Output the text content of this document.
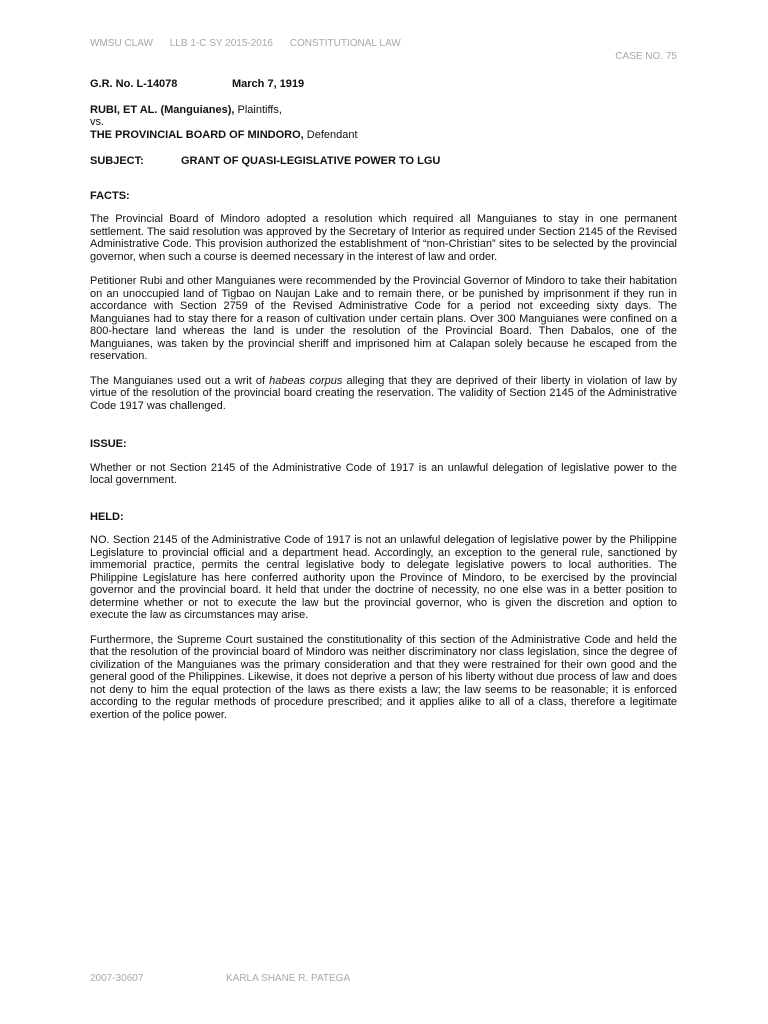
WMSU CLAW LLB 1-C SY 2015-2016 CONSTITUTIONAL LAW
CASE NO. 75
G.R. No. L-14078	March 7, 1919
RUBI, ET AL. (Manguianes), Plaintiffs,
vs.
THE PROVINCIAL BOARD OF MINDORO, Defendant
SUBJECT:	GRANT OF QUASI-LEGISLATIVE POWER TO LGU
FACTS:

The Provincial Board of Mindoro adopted a resolution which required all Manguianes to stay in one permanent settlement. The said resolution was approved by the Secretary of Interior as required under Section 2145 of the Revised Administrative Code. This provision authorized the establishment of “non-Christian” sites to be selected by the provincial governor, when such a course is deemed necessary in the interest of law and order.

Petitioner Rubi and other Manguianes were recommended by the Provincial Governor of Mindoro to take their habitation on an unoccupied land of Tigbao on Naujan Lake and to remain there, or be punished by imprisonment if they run in accordance with Section 2759 of the Revised Administrative Code for a period not exceeding sixty days. The Manguianes had to stay there for a reason of cultivation under certain plans. Over 300 Manguianes were confined on a 800-hectare land whereas the land is under the resolution of the Provincial Board. Then Dabalos, one of the Manguianes, was taken by the provincial sheriff and imprisoned him at Calapan solely because he escaped from the reservation.

The Manguianes used out a writ of habeas corpus alleging that they are deprived of their liberty in violation of law by virtue of the resolution of the provincial board creating the reservation. The validity of Section 2145 of the Administrative Code 1917 was challenged.

ISSUE:

Whether or not Section 2145 of the Administrative Code of 1917 is an unlawful delegation of legislative power to the local government.

HELD:

NO. Section 2145 of the Administrative Code of 1917 is not an unlawful delegation of legislative power by the Philippine Legislature to provincial official and a department head. Accordingly, an exception to the general rule, sanctioned by immemorial practice, permits the central legislative body to delegate legislative powers to local authorities. The Philippine Legislature has here conferred authority upon the Province of Mindoro, to be exercised by the provincial governor and the provincial board. It held that under the doctrine of necessity, no one else was in a better position to determine whether or not to execute the law but the provincial governor, who is given the discretion and option to execute the law as circumstances may arise.

Furthermore, the Supreme Court sustained the constitutionality of this section of the Administrative Code and held the that the resolution of the provincial board of Mindoro was neither discriminatory nor class legislation, since the degree of civilization of the Manguianes was the primary consideration and that they were restrained for their own good and the general good of the Philippines. Likewise, it does not deprive a person of his liberty without due process of law and does not deny to him the equal protection of the laws as there exists a law; the law seems to be reasonable; it is enforced according to the regular methods of procedure prescribed; and it applies alike to all of a class, therefore a legitimate exertion of the police power.

2007-30607	KARLA SHANE R. PATEGA
